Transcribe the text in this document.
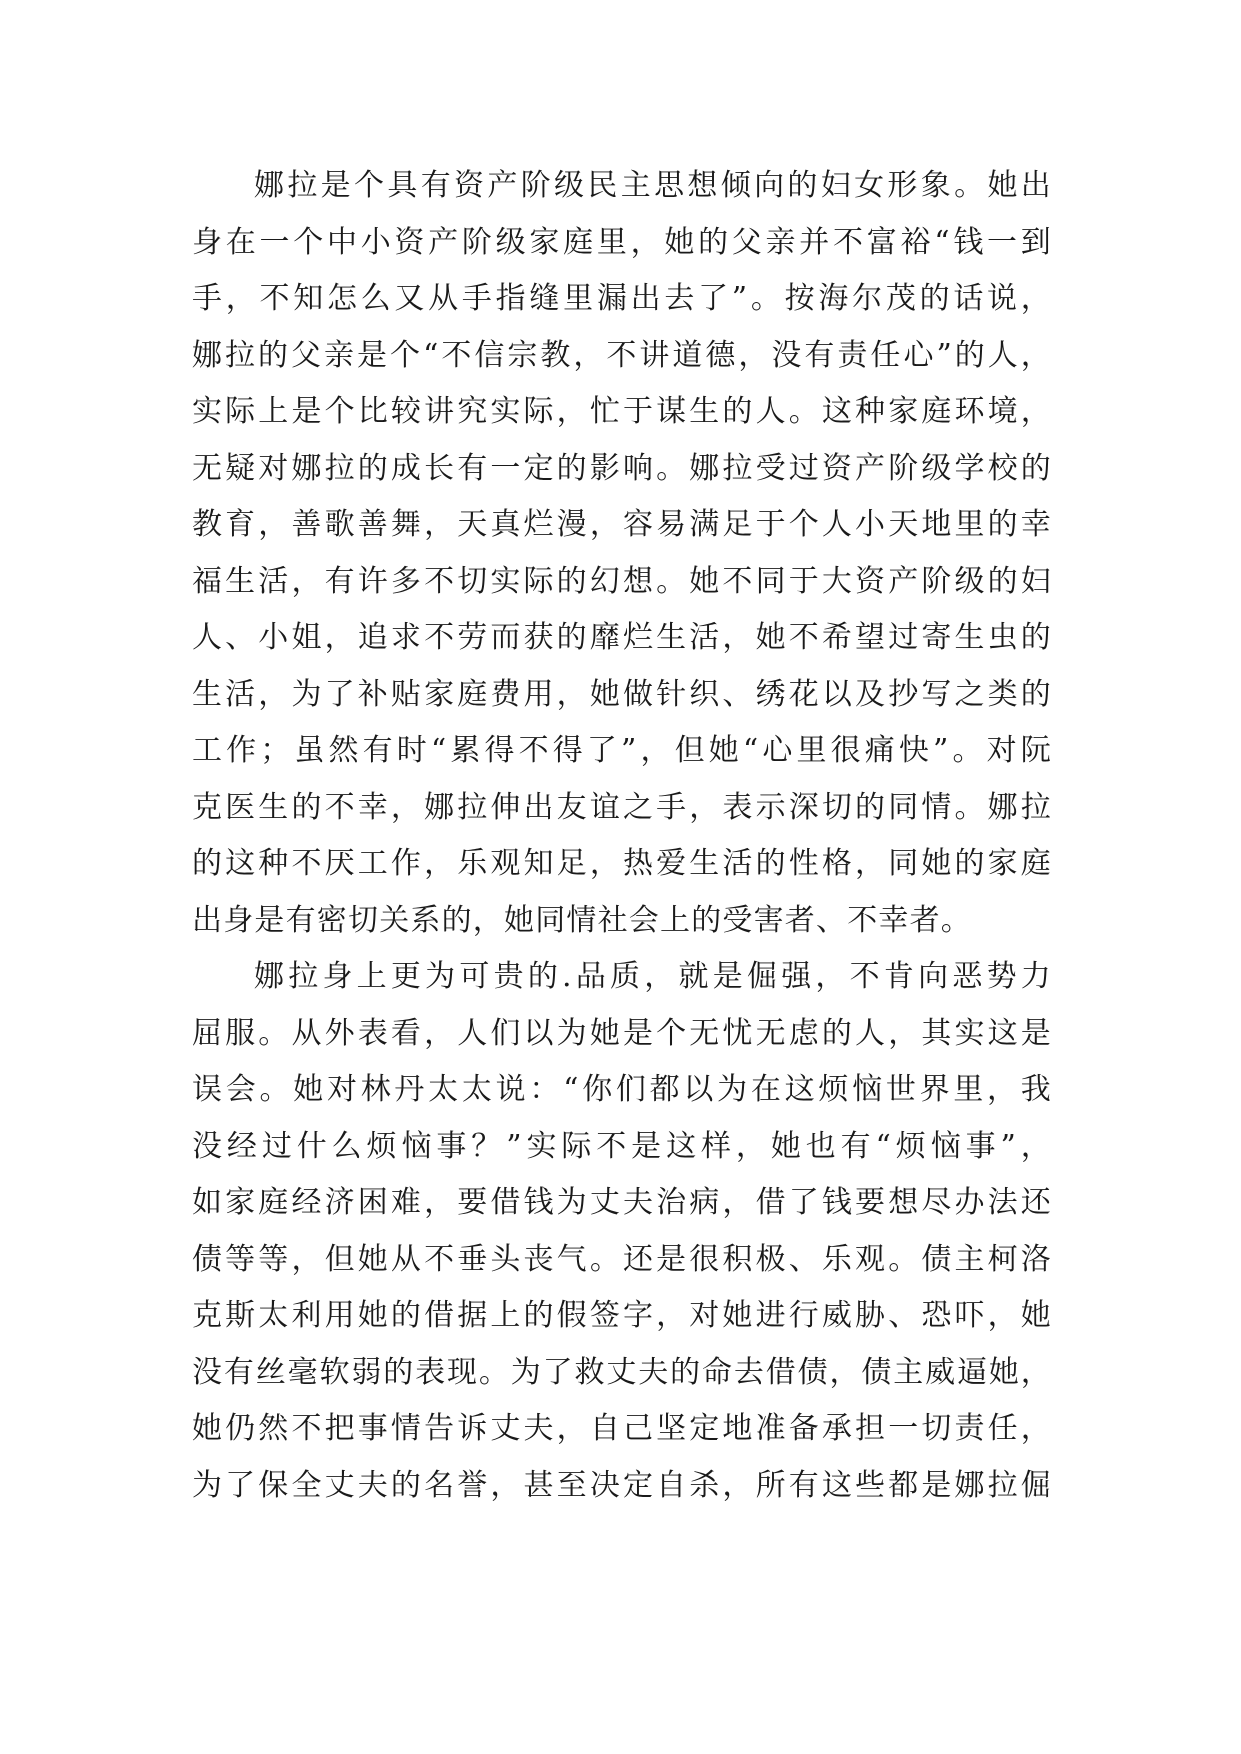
娜拉是个具有资产阶级民主思想倾向的妇女形象。她出
身在一个中小资产阶级家庭里，她的父亲并不富裕“钱一到
手，不知怎么又从手指缝里漏出去了”。按海尔茂的话说，
娜拉的父亲是个“不信宗教，不讲道德，没有责任心”的人，
实际上是个比较讲究实际，忙于谋生的人。这种家庭环境，
无疑对娜拉的成长有一定的影响。娜拉受过资产阶级学校的
教育，善歌善舞，天真烂漫，容易满足于个人小天地里的幸
福生活，有许多不切实际的幻想。她不同于大资产阶级的妇
人、小姐，追求不劳而获的靡烂生活，她不希望过寄生虫的
生活，为了补贴家庭费用，她做针织、绣花以及抄写之类的
工作；虽然有时“累得不得了”，但她“心里很痛快”。对阮
克医生的不幸，娜拉伸出友谊之手，表示深切的同情。娜拉
的这种不厌工作，乐观知足，热爱生活的性格，同她的家庭
出身是有密切关系的，她同情社会上的受害者、不幸者。
娜拉身上更为可贵的.品质，就是倔强，不肯向恶势力
屈服。从外表看，人们以为她是个无忧无虑的人，其实这是
误会。她对林丹太太说：“你们都以为在这烦恼世界里，我
没经过什么烦恼事？”实际不是这样，她也有“烦恼事”，
如家庭经济困难，要借钱为丈夫治病，借了钱要想尽办法还
债等等，但她从不垂头丧气。还是很积极、乐观。债主柯洛
克斯太利用她的借据上的假签字，对她进行威胁、恐吓，她
没有丝毫软弱的表现。为了救丈夫的命去借债，债主威逼她，
她仍然不把事情告诉丈夫，自己坚定地准备承担一切责任，
为了保全丈夫的名誉，甚至决定自杀，所有这些都是娜拉倔
